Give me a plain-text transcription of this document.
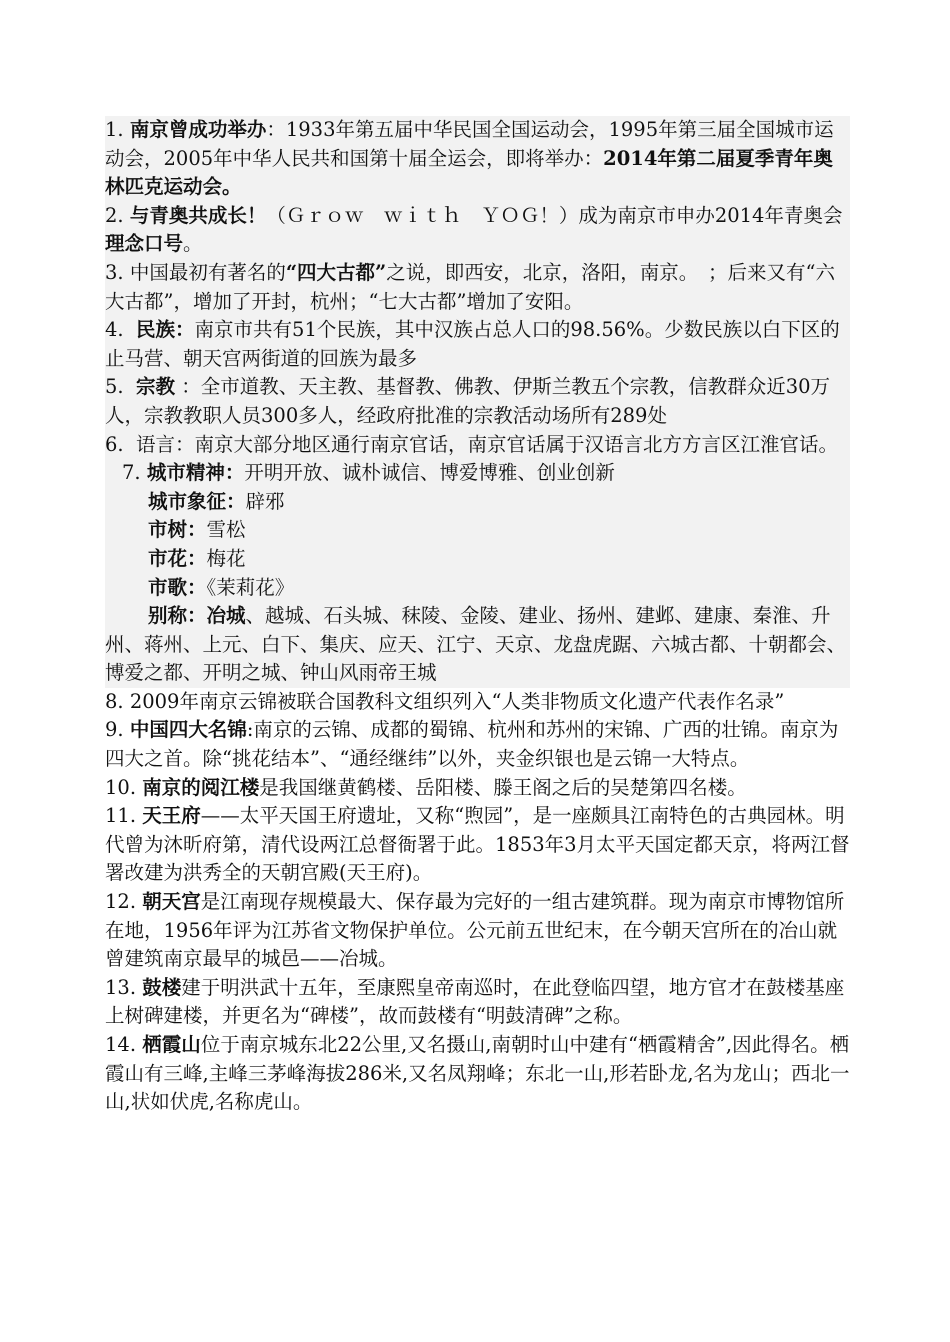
1. 南京曾成功举办：1933年第五届中华民国全国运动会，1995年第三届全国城市运动会，2005年中华人民共和国第十届全运会，即将举办：2014年第二届夏季青年奥林匹克运动会。

2. 与青奥共成长！（Ｇｒｏｗ　ｗｉｔｈ　ＹＯＧ！）成为南京市申办2014年青奥会理念口号。

3. 中国最初有著名的“四大古都”之说，即西安，北京，洛阳，南京。　；后来又有“六大古都”，增加了开封，杭州；“七大古都”增加了安阳。

4. 民族：南京市共有51个民族，其中汉族占总人口的98.56%。少数民族以白下区的止马营、朝天宫两街道的回族为最多

5. 宗教 ：全市道教、天主教、基督教、佛教、伊斯兰教五个宗教，信教群众近30万人，宗教教职人员300多人，经政府批准的宗教活动场所有289处

6. 语言：南京大部分地区通行南京官话，南京官话属于汉语言北方方言区江淮官话。

7. 城市精神：开明开放、诚朴诚信、博爱博雅、创业创新

城市象征：辟邪

市树：雪松

市花：梅花

市歌：《茉莉花》

别称：冶城、越城、石头城、秣陵、金陵、建业、扬州、建邺、建康、秦淮、升州、蒋州、上元、白下、集庆、应天、江宁、天京、龙盘虎踞、六城古都、十朝都会、博爱之都、开明之城、钟山风雨帝王城

8. 2009年南京云锦被联合国教科文组织列入“人类非物质文化遗产代表作名录”

9. 中国四大名锦:南京的云锦、成都的蜀锦、杭州和苏州的宋锦、广西的壮锦。南京为四大之首。除“挑花结本”、“通经继纬”以外，夹金织银也是云锦一大特点。

10. 南京的阅江楼是我国继黄鹤楼、岳阳楼、滕王阁之后的吴楚第四名楼。

11. 天王府——太平天国王府遗址，又称“煦园”，是一座颇具江南特色的古典园林。明代曾为沐昕府第，清代设两江总督衙署于此。1853年3月太平天国定都天京，将两江督署改建为洪秀全的天朝宫殿(天王府)。

12. 朝天宫是江南现存规模最大、保存最为完好的一组古建筑群。现为南京市博物馆所在地，1956年评为江苏省文物保护单位。公元前五世纪末，在今朝天宫所在的冶山就曾建筑南京最早的城邑——冶城。

13. 鼓楼建于明洪武十五年，至康熙皇帝南巡时，在此登临四望，地方官才在鼓楼基座上树碑建楼，并更名为“碑楼”，故而鼓楼有“明鼓清碑”之称。

14. 栖霞山位于南京城东北22公里,又名摄山,南朝时山中建有“栖霞精舍”,因此得名。栖霞山有三峰,主峰三茅峰海拔286米,又名凤翔峰；东北一山,形若卧龙,名为龙山；西北一山,状如伏虎,名称虎山。
